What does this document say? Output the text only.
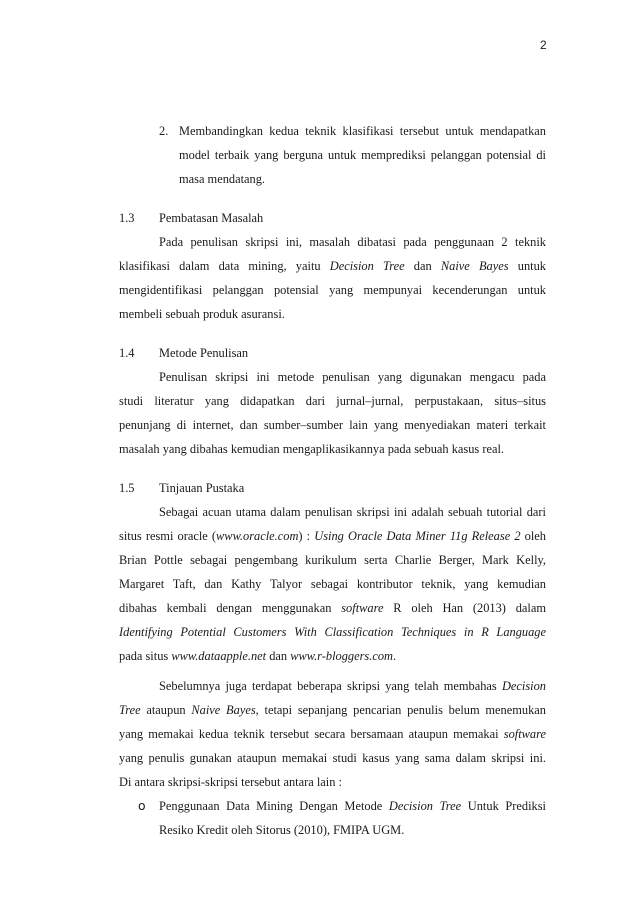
2
2. Membandingkan kedua teknik klasifikasi tersebut untuk mendapatkan
model terbaik yang berguna untuk memprediksi pelanggan potensial di
masa mendatang.
1.3 Pembatasan Masalah
Pada penulisan skripsi ini, masalah dibatasi pada penggunaan 2 teknik
klasifikasi dalam data mining, yaitu Decision Tree dan Naive Bayes untuk
mengidentifikasi pelanggan potensial yang mempunyai kecenderungan untuk
membeli sebuah produk asuransi.
1.4 Metode Penulisan
Penulisan skripsi ini metode penulisan yang digunakan mengacu pada
studi literatur yang didapatkan dari jurnal–jurnal, perpustakaan, situs–situs
penunjang di internet, dan sumber–sumber lain yang menyediakan materi terkait
masalah yang dibahas kemudian mengaplikasikannya pada sebuah kasus real.
1.5 Tinjauan Pustaka
Sebagai acuan utama dalam penulisan skripsi ini adalah sebuah tutorial dari
situs resmi oracle (www.oracle.com) : Using Oracle Data Miner 11g Release 2 oleh
Brian Pottle sebagai pengembang kurikulum serta Charlie Berger, Mark Kelly,
Margaret Taft, dan Kathy Talyor sebagai kontributor teknik, yang kemudian
dibahas kembali dengan menggunakan software R oleh Han (2013) dalam
Identifying Potential Customers With Classification Techniques in R Language
pada situs www.dataapple.net dan www.r-bloggers.com.
Sebelumnya juga terdapat beberapa skripsi yang telah membahas Decision
Tree ataupun Naive Bayes, tetapi sepanjang pencarian penulis belum menemukan
yang memakai kedua teknik tersebut secara bersamaan ataupun memakai software
yang penulis gunakan ataupun memakai studi kasus yang sama dalam skripsi ini.
Di antara skripsi-skripsi tersebut antara lain :
o Penggunaan Data Mining Dengan Metode Decision Tree Untuk Prediksi
Resiko Kredit oleh Sitorus (2010), FMIPA UGM.
